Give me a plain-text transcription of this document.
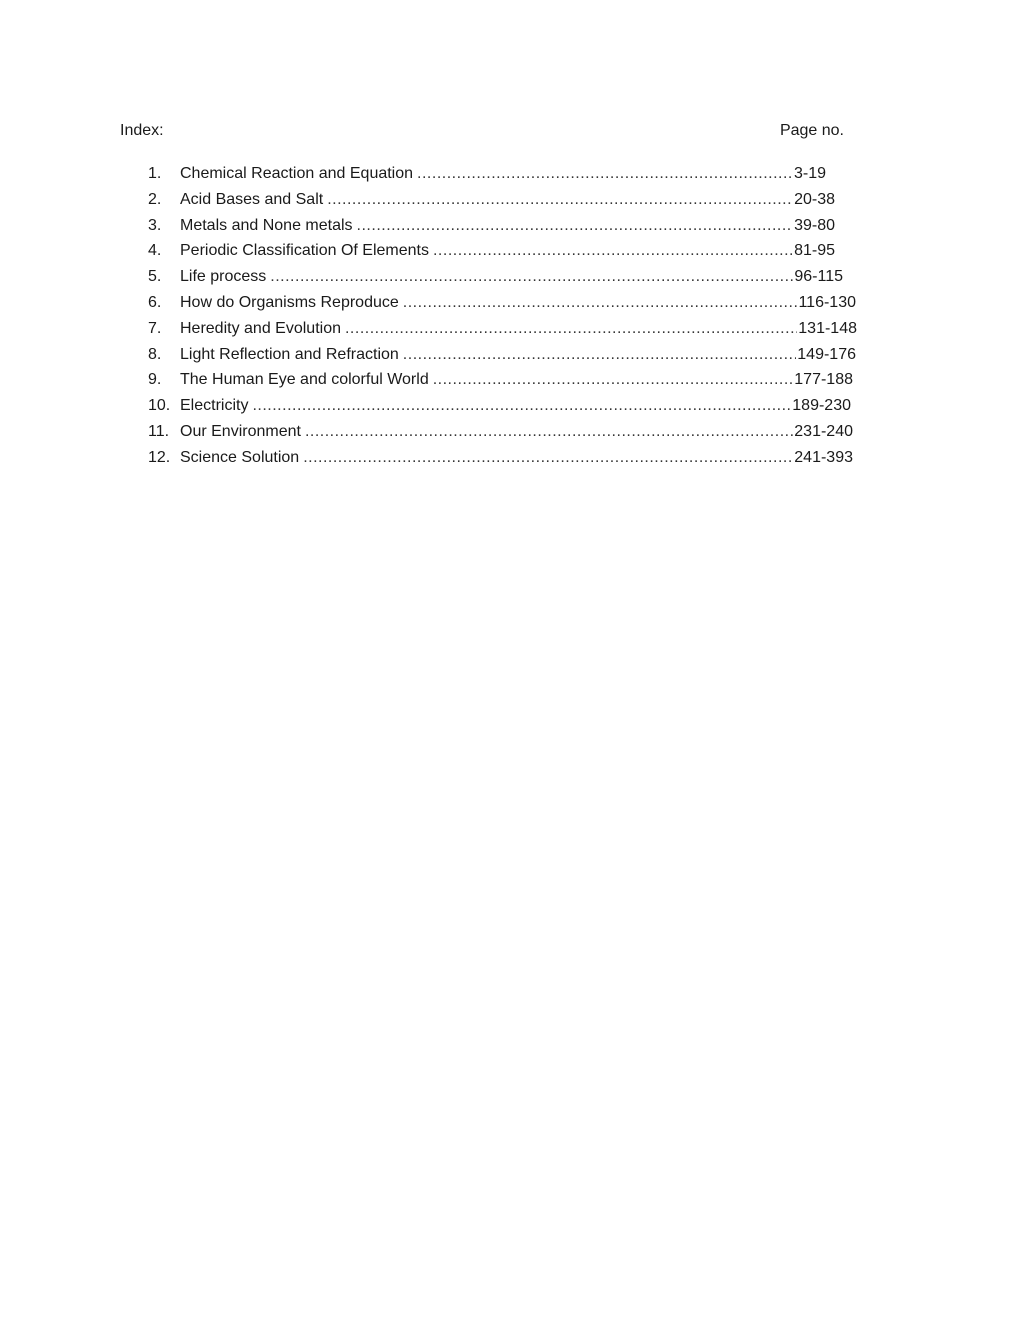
Index:	Page no.
1.	Chemical Reaction and Equation .....	3-19
2.	Acid Bases and Salt .....	20-38
3.	Metals and None metals .....	39-80
4.	Periodic Classification Of Elements .....	81-95
5.	Life process .....	96-115
6.	How do Organisms Reproduce .....	116-130
7.	Heredity and Evolution .....	131-148
8.	Light Reflection and Refraction .....	149-176
9.	The Human Eye and colorful World .....	177-188
10. Electricity .....	189-230
11. Our Environment .....	231-240
12. Science Solution .....	241-393
